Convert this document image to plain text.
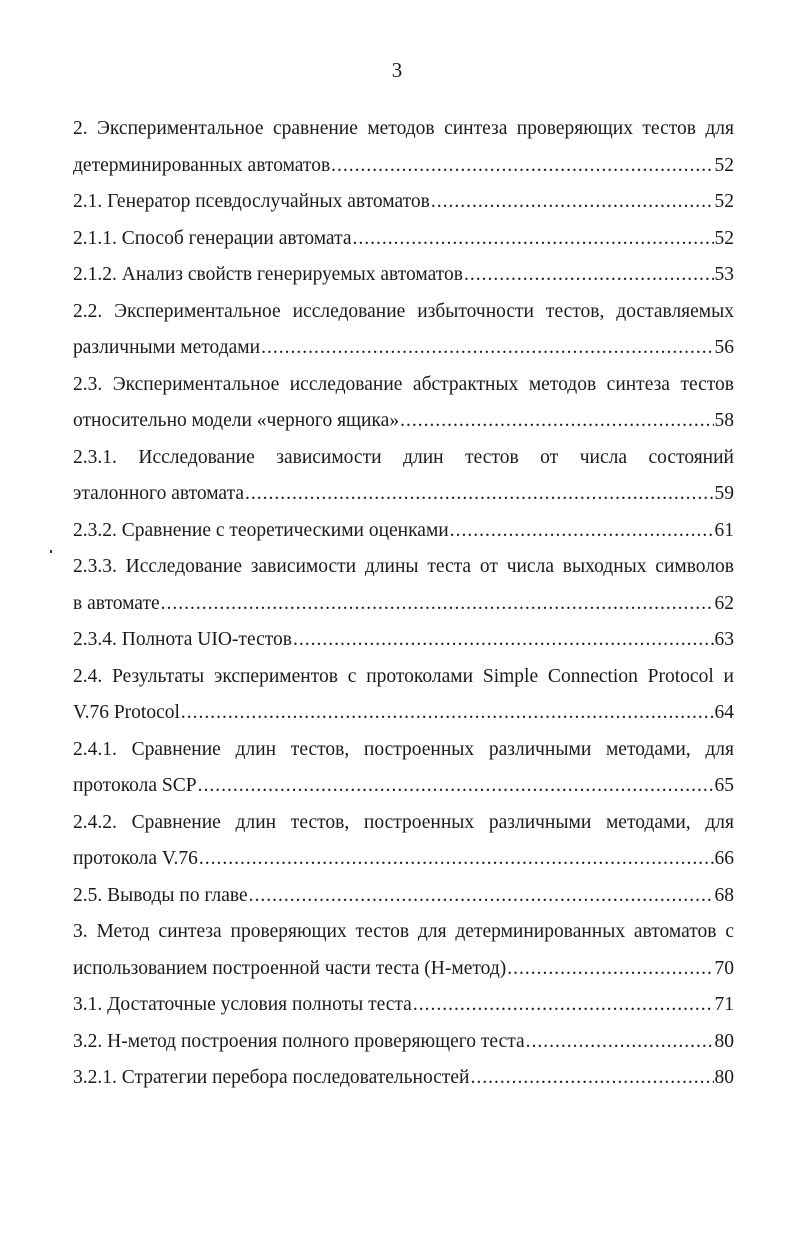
3
2. Экспериментальное сравнение методов синтеза проверяющих тестов для
детерминированных автоматов .....	52
2.1. Генератор псевдослучайных автоматов .....	52
2.1.1. Способ генерации автомата .....	52
2.1.2. Анализ свойств генерируемых автоматов .....	53
2.2. Экспериментальное исследование избыточности тестов, доставляемых
различными методами .....	56
2.3. Экспериментальное исследование абстрактных методов синтеза тестов
относительно модели «черного ящика» .....	58
2.3.1. Исследование зависимости длин тестов от числа состояний
эталонного автомата .....	59
2.3.2. Сравнение с теоретическими оценками .....	61
2.3.3. Исследование зависимости длины теста от числа выходных символов
в автомате .....	62
2.3.4. Полнота UIO-тестов .....	63
2.4. Результаты экспериментов с протоколами Simple Connection Protocol и
V.76 Protocol .....	64
2.4.1. Сравнение длин тестов, построенных различными методами, для
протокола SCP .....	65
2.4.2. Сравнение длин тестов, построенных различными методами, для
протокола V.76 .....	66
2.5. Выводы по главе .....	68
3. Метод синтеза проверяющих тестов для детерминированных автоматов с
использованием построенной части теста (H-метод) .....	70
3.1. Достаточные условия полноты теста .....	71
3.2. H-метод построения полного проверяющего теста .....	80
3.2.1. Стратегии перебора последовательностей .....	80
